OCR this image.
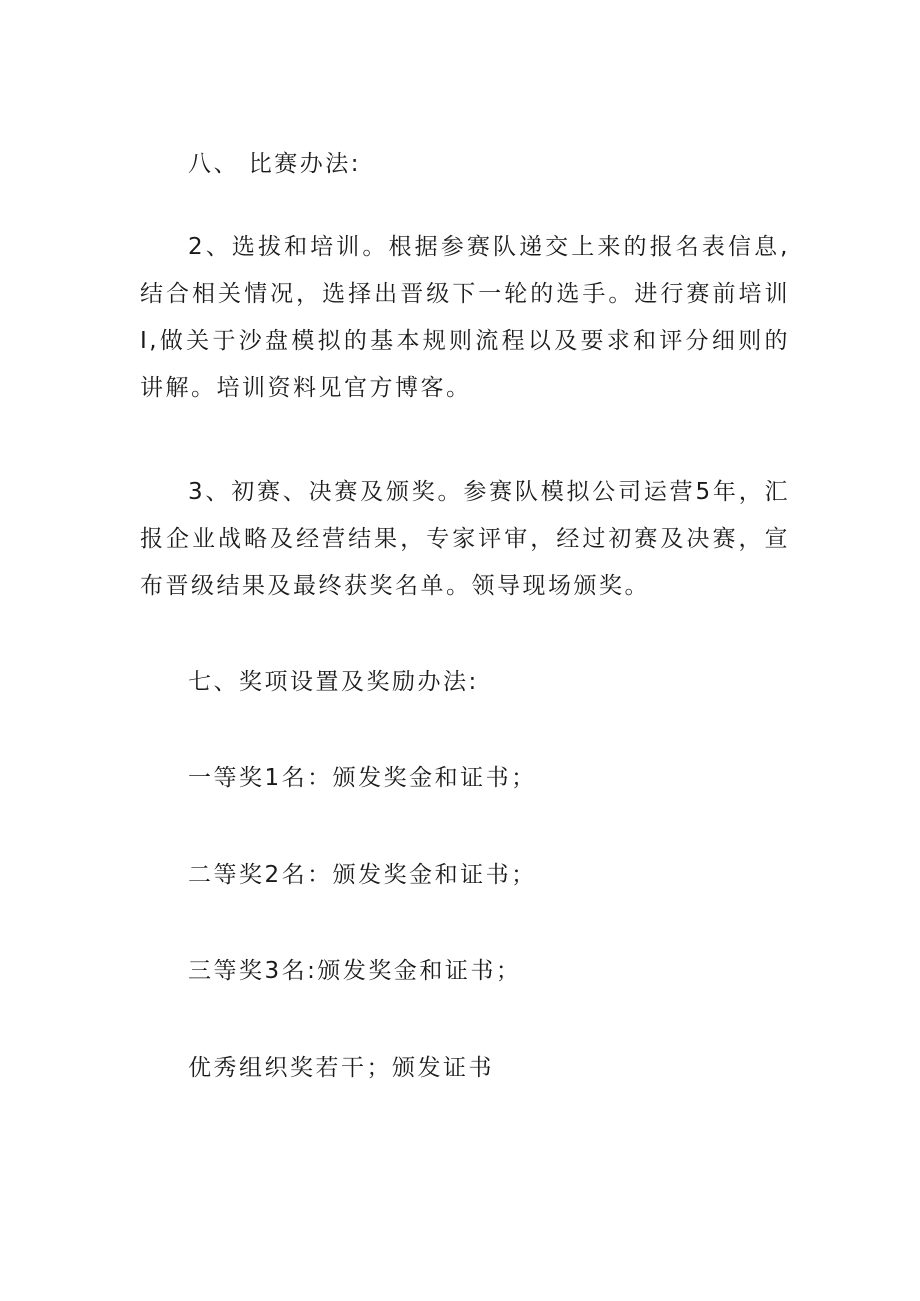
八、 比赛办法:
2、选拔和培训。根据参赛队递交上来的报名表信息,结合相关情况，选择出晋级下一轮的选手。进行赛前培训I,做关于沙盘模拟的基本规则流程以及要求和评分细则的讲解。培训资料见官方博客。
3、初赛、决赛及颁奖。参赛队模拟公司运营5年，汇报企业战略及经营结果，专家评审，经过初赛及决赛，宣布晋级结果及最终获奖名单。领导现场颁奖。
七、奖项设置及奖励办法:
一等奖1名：颁发奖金和证书；
二等奖2名：颁发奖金和证书；
三等奖3名:颁发奖金和证书；
优秀组织奖若干；颁发证书
